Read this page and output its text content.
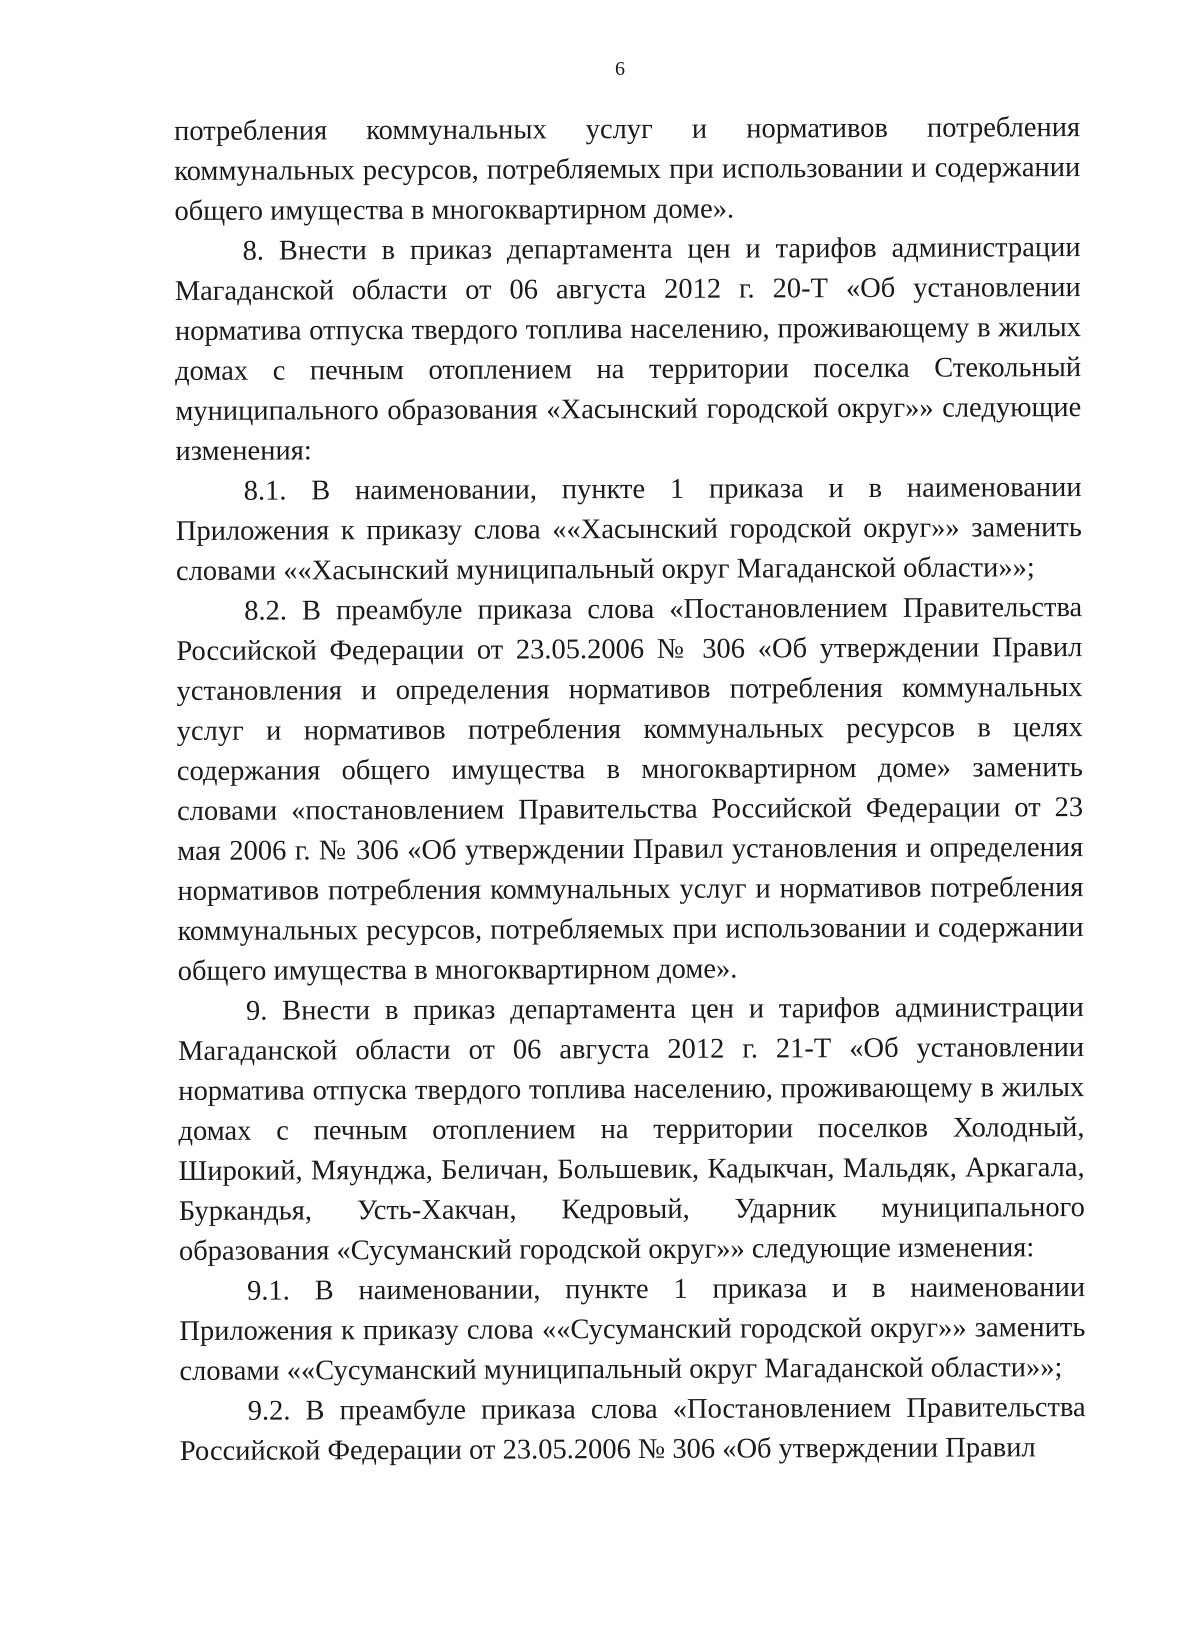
6

потребления коммунальных услуг и нормативов потребления коммунальных ресурсов, потребляемых при использовании и содержании общего имущества в многоквартирном доме».

8. Внести в приказ департамента цен и тарифов администрации Магаданской области от 06 августа 2012 г. 20-Т «Об установлении норматива отпуска твердого топлива населению, проживающему в жилых домах с печным отоплением на территории поселка Стекольный муниципального образования «Хасынский городской округ»» следующие изменения:

8.1. В наименовании, пункте 1 приказа и в наименовании Приложения к приказу слова ««Хасынский городской округ»» заменить словами ««Хасынский муниципальный округ Магаданской области»»;

8.2. В преамбуле приказа слова «Постановлением Правительства Российской Федерации от 23.05.2006 № 306 «Об утверждении Правил установления и определения нормативов потребления коммунальных услуг и нормативов потребления коммунальных ресурсов в целях содержания общего имущества в многоквартирном доме» заменить словами «постановлением Правительства Российской Федерации от 23 мая 2006 г. № 306 «Об утверждении Правил установления и определения нормативов потребления коммунальных услуг и нормативов потребления коммунальных ресурсов, потребляемых при использовании и содержании общего имущества в многоквартирном доме».

9. Внести в приказ департамента цен и тарифов администрации Магаданской области от 06 августа 2012 г. 21-Т «Об установлении норматива отпуска твердого топлива населению, проживающему в жилых домах с печным отоплением на территории поселков Холодный, Широкий, Мяунджа, Беличан, Большевик, Кадыкчан, Мальдяк, Аркагала, Буркандья, Усть-Хакчан, Кедровый, Ударник муниципального образования «Сусуманский городской округ»» следующие изменения:

9.1. В наименовании, пункте 1 приказа и в наименовании Приложения к приказу слова ««Сусуманский городской округ»» заменить словами ««Сусуманский муниципальный округ Магаданской области»»;

9.2. В преамбуле приказа слова «Постановлением Правительства Российской Федерации от 23.05.2006 № 306 «Об утверждении Правил
